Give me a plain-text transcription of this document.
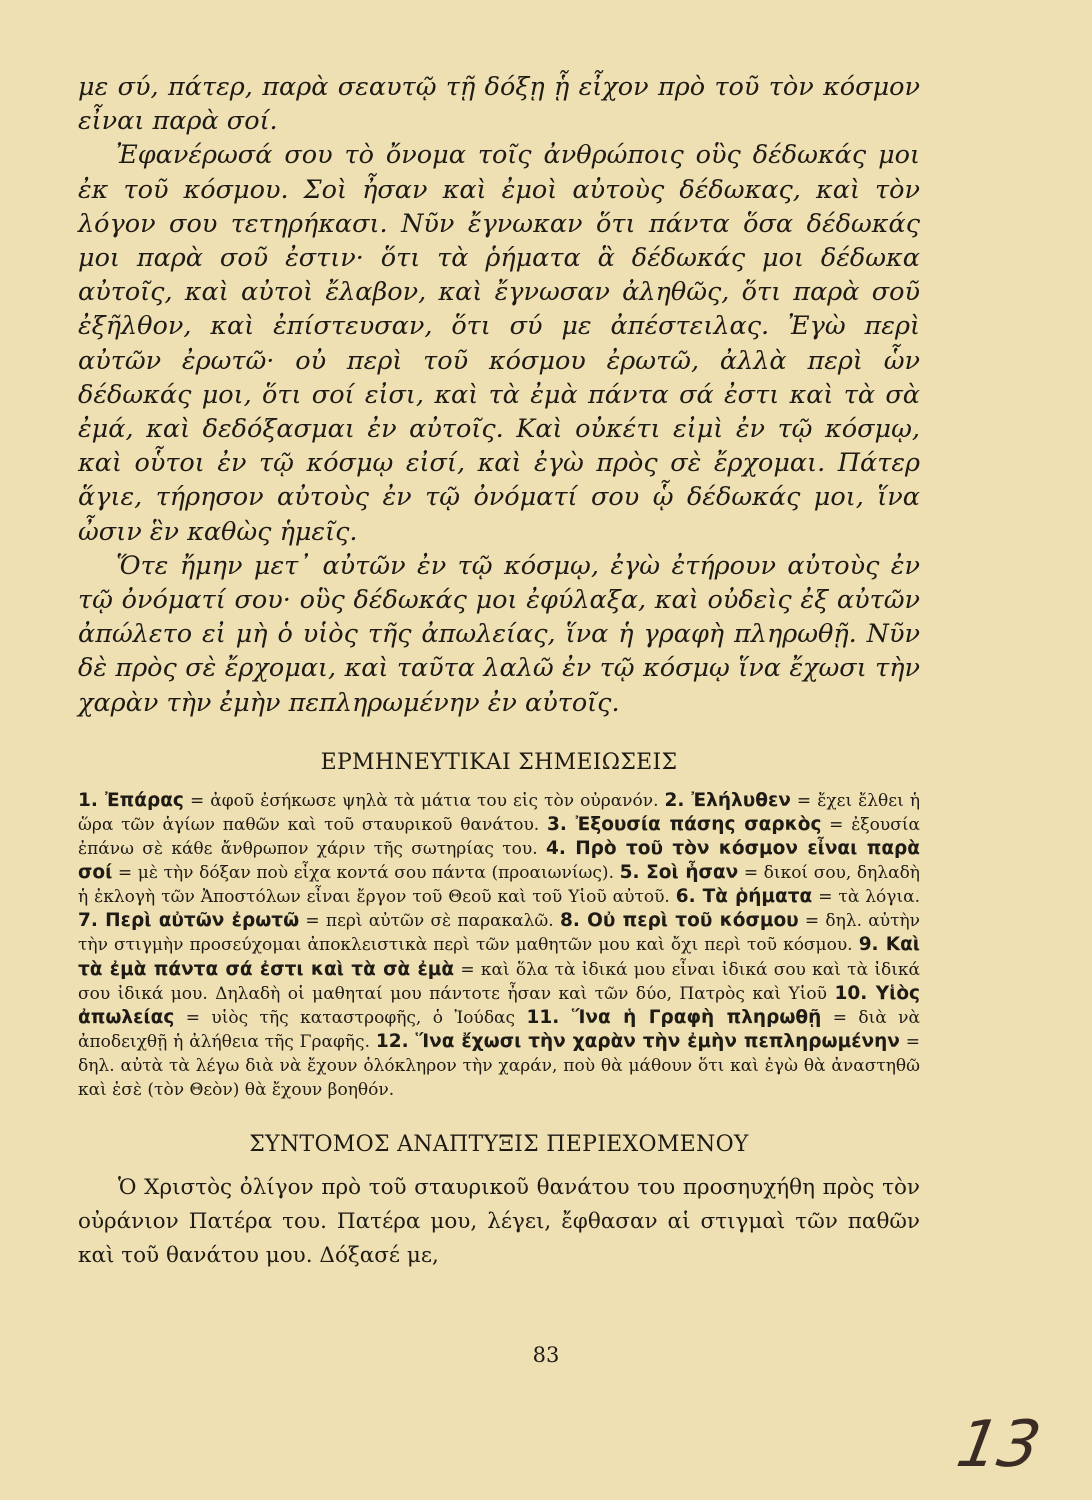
με σύ, πάτερ, παρὰ σεαυτῷ τῇ δόξῃ ᾗ εἶχον πρὸ τοῦ τὸν κόσμον εἶναι παρὰ σοί.

Ἐφανέρωσά σου τὸ ὄνομα τοῖς ἀνθρώποις οὓς δέδωκάς μοι ἐκ τοῦ κόσμου. Σοὶ ἦσαν καὶ ἐμοὶ αὐτοὺς δέδωκας, καὶ τὸν λόγον σου τετηρήκασι. Νῦν ἔγνωκαν ὅτι πάντα ὅσα δέδωκάς μοι παρὰ σοῦ ἐστιν· ὅτι τὰ ῥήματα ἃ δέδωκάς μοι δέδωκα αὐτοῖς, καὶ αὐτοὶ ἔλαβον, καὶ ἔγνωσαν ἀληθῶς, ὅτι παρὰ σοῦ ἐξῆλθον, καὶ ἐπίστευσαν, ὅτι σύ με ἀπέστειλας. Ἐγὼ περὶ αὐτῶν ἐρωτῶ· οὐ περὶ τοῦ κόσμου ἐρωτῶ, ἀλλὰ περὶ ὧν δέδωκάς μοι, ὅτι σοί εἰσι, καὶ τὰ ἐμὰ πάντα σά ἐστι καὶ τὰ σὰ ἐμά, καὶ δεδόξασμαι ἐν αὐτοῖς. Καὶ οὐκέτι εἰμὶ ἐν τῷ κόσμῳ, καὶ οὗτοι ἐν τῷ κόσμῳ εἰσί, καὶ ἐγὼ πρὸς σὲ ἔρχομαι. Πάτερ ἅγιε, τήρησον αὐτοὺς ἐν τῷ ὀνόματί σου ᾧ δέδωκάς μοι, ἵνα ὦσιν ἓν καθὼς ἡμεῖς.

Ὅτε ἤμην μετ᾿ αὐτῶν ἐν τῷ κόσμῳ, ἐγὼ ἐτήρουν αὐτοὺς ἐν τῷ ὀνόματί σου· οὓς δέδωκάς μοι ἐφύλαξα, καὶ οὐδεὶς ἐξ αὐτῶν ἀπώλετο εἰ μὴ ὁ υἱὸς τῆς ἀπωλείας, ἵνα ἡ γραφὴ πληρωθῇ. Νῦν δὲ πρὸς σὲ ἔρχομαι, καὶ ταῦτα λαλῶ ἐν τῷ κόσμῳ ἵνα ἔχωσι τὴν χαρὰν τὴν ἐμὴν πεπληρωμένην ἐν αὐτοῖς.

ΕΡΜΗΝΕΥΤΙΚΑΙ ΣΗΜΕΙΩΣΕΙΣ

1. Ἐπάρας = ἀφοῦ ἐσήκωσε ψηλὰ τὰ μάτια του εἰς τὸν οὐρανόν. 2. Ἐλήλυθεν = ἔχει ἔλθει ἡ ὥρα τῶν ἁγίων παθῶν καὶ τοῦ σταυρικοῦ θανάτου. 3. Ἐξουσία πάσης σαρκὸς = ἐξουσία ἐπάνω σὲ κάθε ἄνθρωπον χάριν τῆς σωτηρίας του. 4. Πρὸ τοῦ τὸν κόσμον εἶναι παρὰ σοί = μὲ τὴν δόξαν ποὺ εἶχα κοντά σου πάντα (προαιωνίως). 5. Σοὶ ἦσαν = δικοί σου, δηλαδὴ ἡ ἐκλογὴ τῶν Ἀποστόλων εἶναι ἔργον τοῦ Θεοῦ καὶ τοῦ Υἱοῦ αὐτοῦ. 6. Τὰ ῥήματα = τὰ λόγια. 7. Περὶ αὐτῶν ἐρωτῶ = περὶ αὐτῶν σὲ παρακαλῶ. 8. Οὐ περὶ τοῦ κόσμου = δηλ. αὐτὴν τὴν στιγμὴν προσεύχομαι ἀποκλειστικὰ περὶ τῶν μαθητῶν μου καὶ ὄχι περὶ τοῦ κόσμου. 9. Καὶ τὰ ἐμὰ πάντα σά ἐστι καὶ τὰ σὰ ἐμὰ = καὶ ὅλα τὰ ἰδικά μου εἶναι ἰδικά σου καὶ τὰ ἰδικά σου ἰδικά μου. Δηλαδὴ οἱ μαθηταί μου πάντοτε ἦσαν καὶ τῶν δύο, Πατρὸς καὶ Υἱοῦ 10. Υἱὸς ἀπωλείας = υἱὸς τῆς καταστροφῆς, ὁ Ἰούδας 11. Ἵνα ἡ Γραφὴ πληρωθῇ = διὰ νὰ ἀποδειχθῇ ἡ ἀλήθεια τῆς Γραφῆς. 12. Ἵνα ἔχωσι τὴν χαρὰν τὴν ἐμὴν πεπληρωμένην = δηλ. αὐτὰ τὰ λέγω διὰ νὰ ἔχουν ὁλόκληρον τὴν χαράν, ποὺ θὰ μάθουν ὅτι καὶ ἐγὼ θὰ ἀναστηθῶ καὶ ἐσὲ (τὸν Θεὸν) θὰ ἔχουν βοηθόν.

ΣΥΝΤΟΜΟΣ ΑΝΑΠΤΥΞΙΣ ΠΕΡΙΕΧΟΜΕΝΟΥ

Ὁ Χριστὸς ὀλίγον πρὸ τοῦ σταυρικοῦ θανάτου του προσηυχήθη πρὸς τὸν οὐράνιον Πατέρα του. Πατέρα μου, λέγει, ἔφθασαν αἱ στιγμαὶ τῶν παθῶν καὶ τοῦ θανάτου μου. Δόξασέ με,

83
13
